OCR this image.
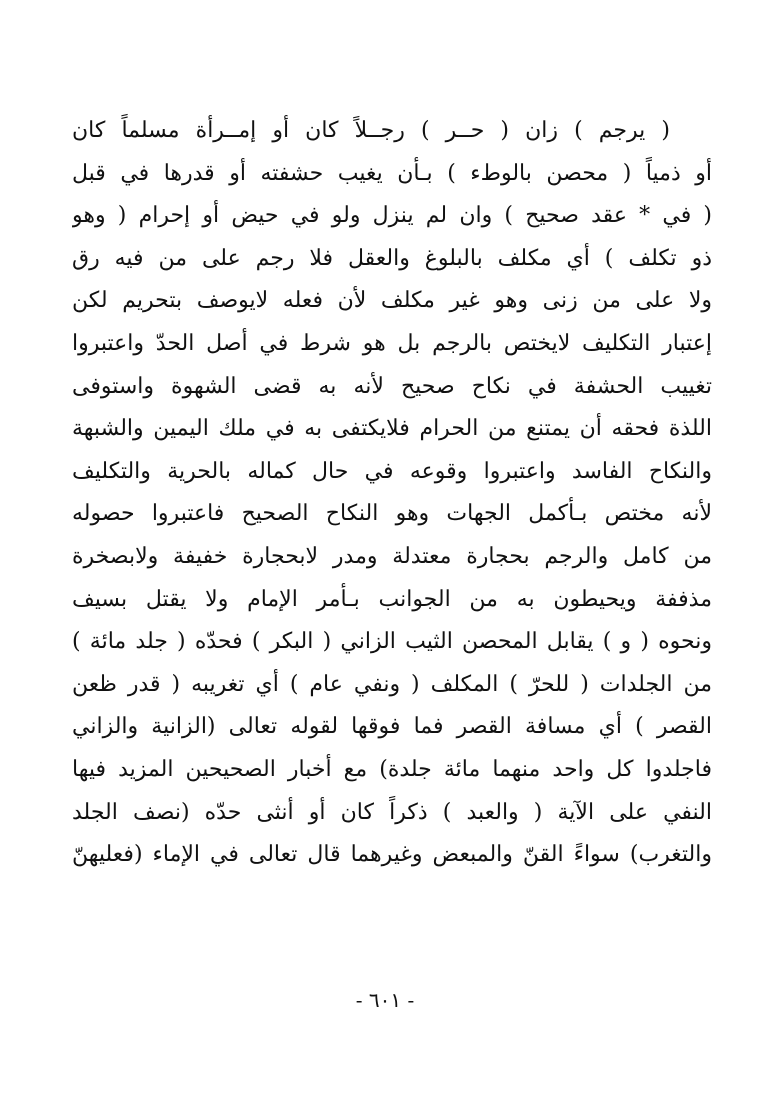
( يرجم ) زان ( حــر ) رجــلاً كان أو إمــرأة مسلماً كان
أو ذمياً ( محصن بالوطء ) بـأن يغيب حشفته أو قدرها في قبل
( في * عقد صحيح ) وان لم ينزل ولو في حيض أو إحرام ( وهو
ذو تكلف ) أي مكلف بالبلوغ والعقل فلا رجم على من فيه رق
ولا على من زنى وهو غير مكلف لأن فعله لايوصف بتحريم لكن
إعتبار التكليف لايختص بالرجم بل هو شرط في أصل الحدّ واعتبروا
تغييب الحشفة في نكاح صحيح لأنه به قضى الشهوة واستوفى
اللذة فحقه أن يمتنع من الحرام فلايكتفى به في ملك اليمين والشبهة
والنكاح الفاسد واعتبروا وقوعه في حال كماله بالحرية والتكليف
لأنه مختص بـأكمل الجهات وهو النكاح الصحيح فاعتبروا حصوله
من كامل والرجم بحجارة معتدلة ومدر لابحجارة خفيفة ولابصخرة
مذففة ويحيطون به من الجوانب بـأمر الإمام ولا يقتل بسيف
ونحوه ( و ) يقابل المحصن الثيب الزاني ( البكر ) فحدّه ( جلد مائة )
من الجلدات ( للحرّ ) المكلف ( ونفي عام ) أي تغريبه ( قدر ظعن
القصر ) أي مسافة القصر فما فوقها لقوله تعالى (الزانية والزاني
فاجلدوا كل واحد منهما مائة جلدة) مع أخبار الصحيحين المزيد فيها
النفي على الآية ( والعبد ) ذكراً كان أو أنثى حدّه (نصف الجلد
والتغرب) سواءً القنّ والمبعض وغيرهما قال تعالى في الإماء (فعليهنّ
- ٦٠١ -
